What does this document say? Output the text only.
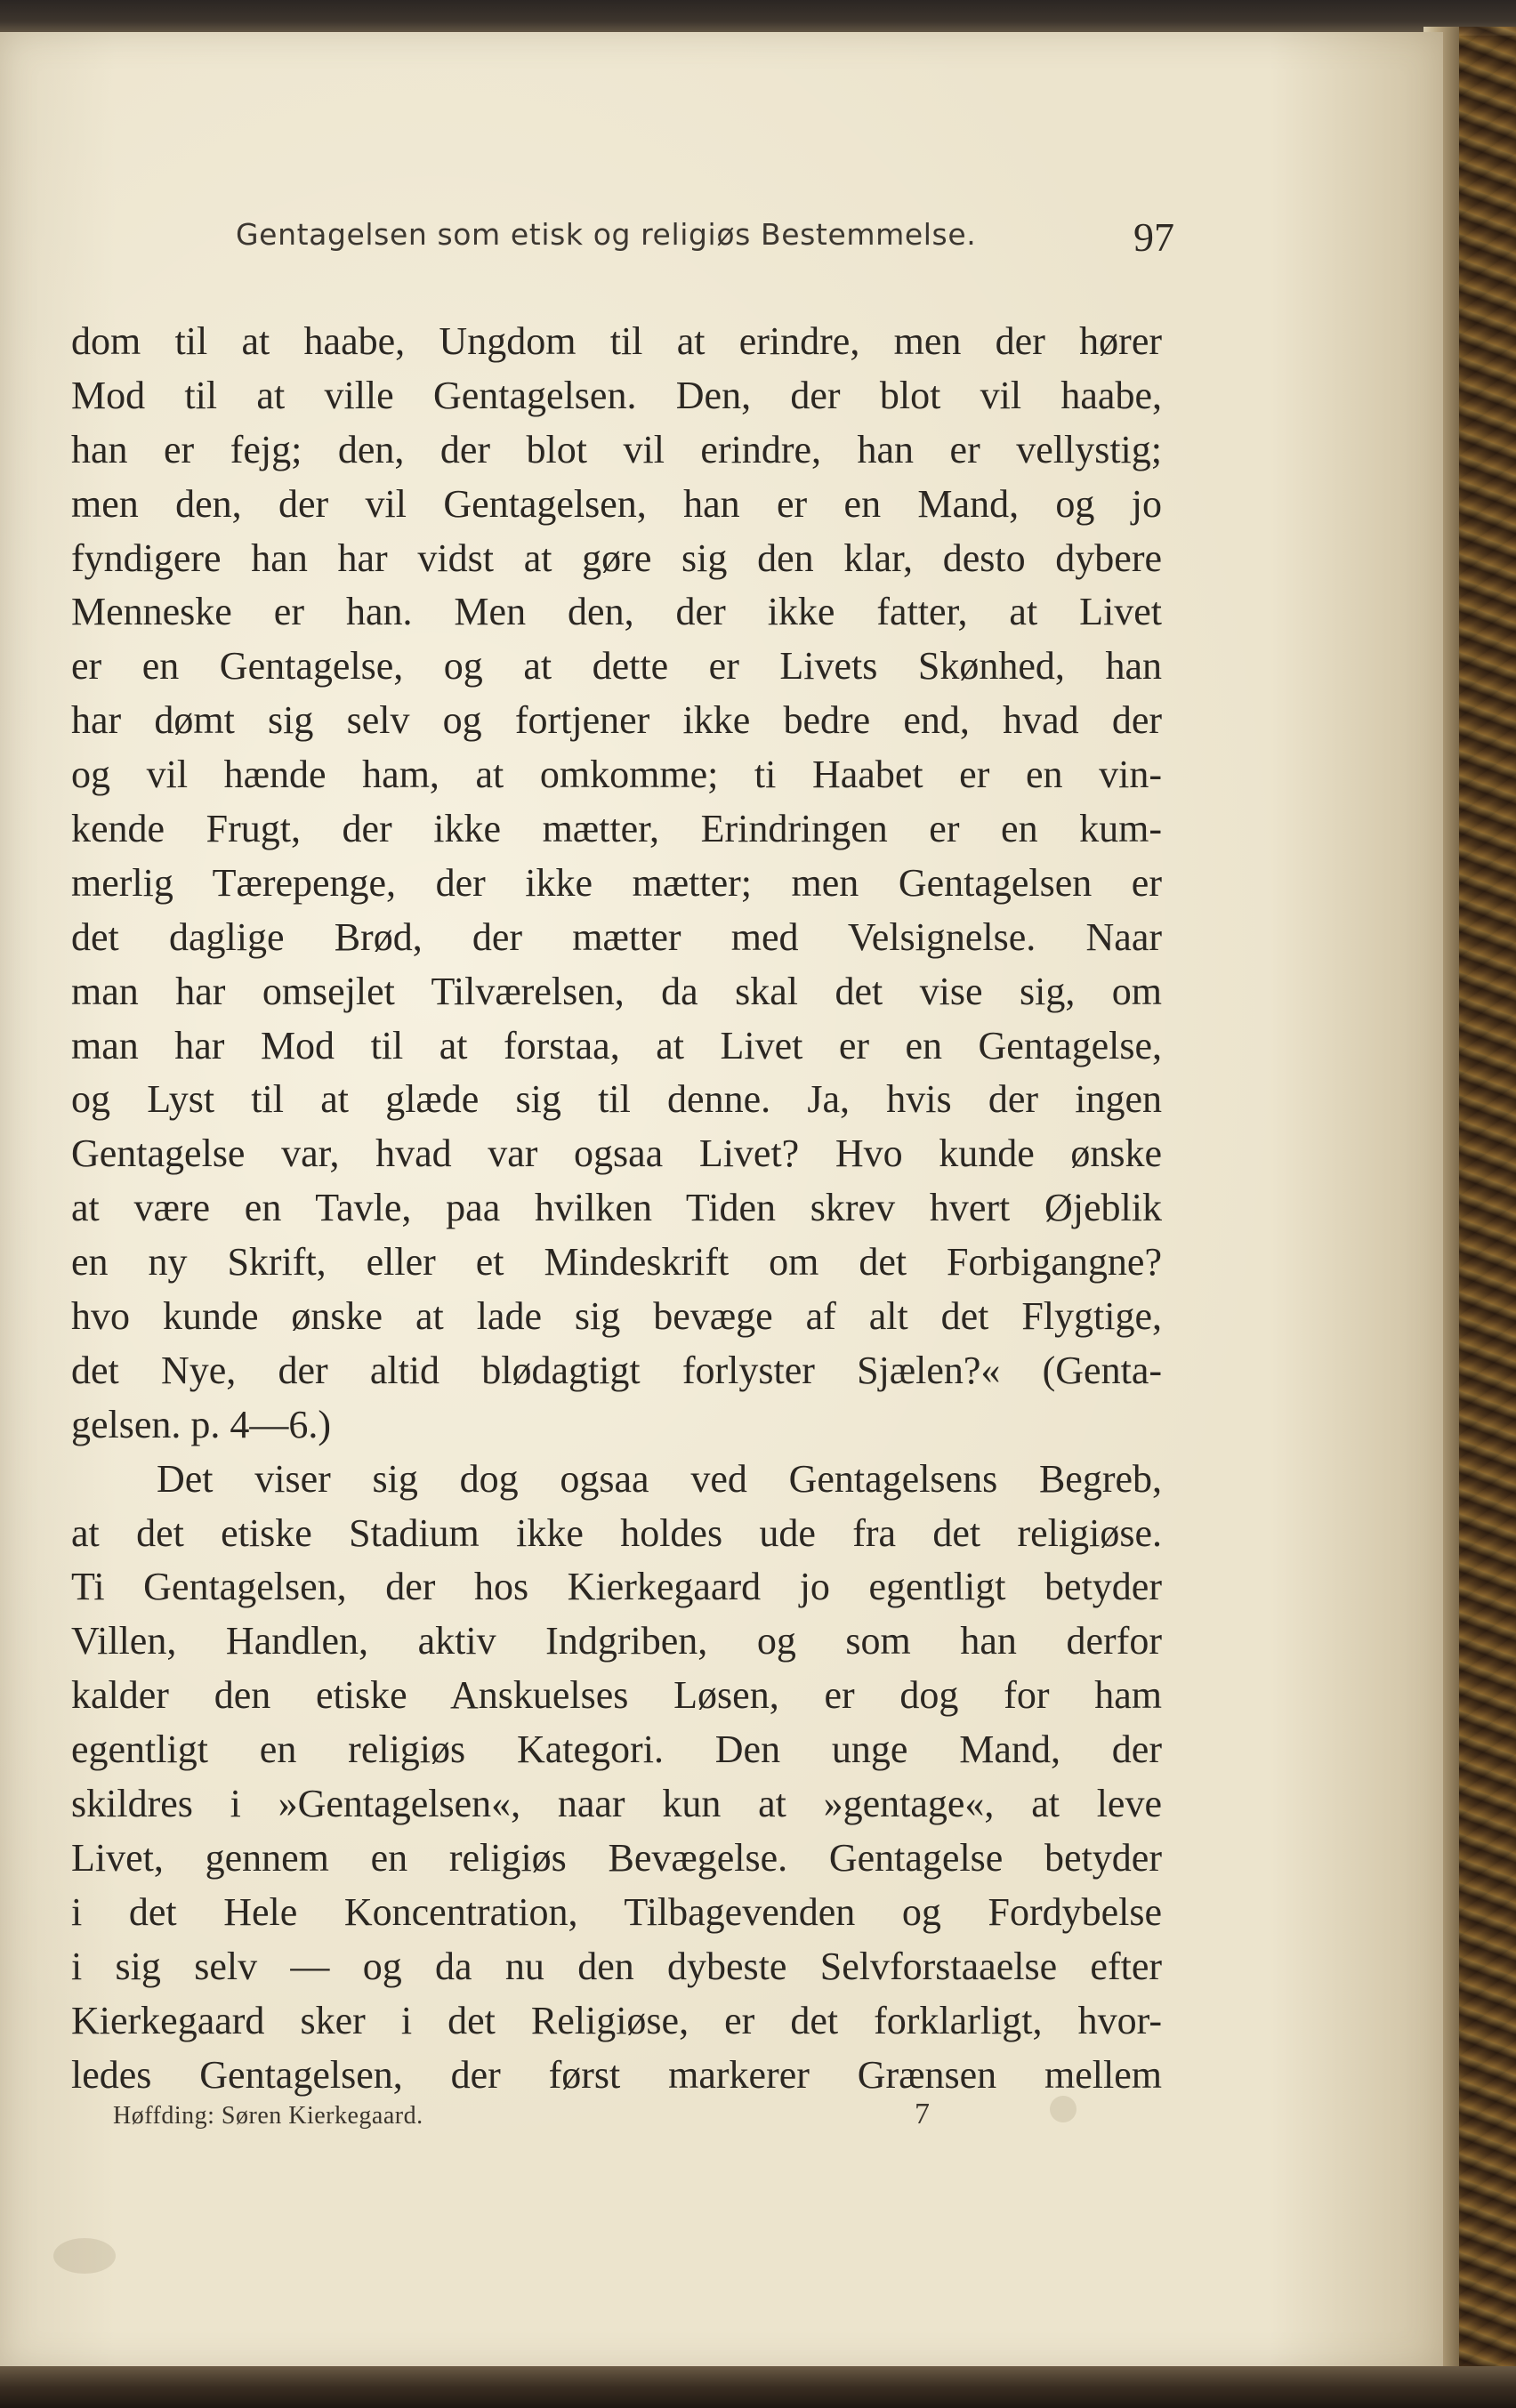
Gentagelsen som etisk og religiøs Bestemmelse.	97
dom til at haabe, Ungdom til at erindre, men der hører
Mod til at ville Gentagelsen. Den, der blot vil haabe,
han er fejg; den, der blot vil erindre, han er vellystig;
men den, der vil Gentagelsen, han er en Mand, og jo
fyndigere han har vidst at gøre sig den klar, desto dybere
Menneske er han. Men den, der ikke fatter, at Livet
er en Gentagelse, og at dette er Livets Skønhed, han
har dømt sig selv og fortjener ikke bedre end, hvad der
og vil hænde ham, at omkomme; ti Haabet er en vin-
kende Frugt, der ikke mætter, Erindringen er en kum-
merlig Tærepenge, der ikke mætter; men Gentagelsen er
det daglige Brød, der mætter med Velsignelse. Naar
man har omsejlet Tilværelsen, da skal det vise sig, om
man har Mod til at forstaa, at Livet er en Gentagelse,
og Lyst til at glæde sig til denne. Ja, hvis der ingen
Gentagelse var, hvad var ogsaa Livet? Hvo kunde ønske
at være en Tavle, paa hvilken Tiden skrev hvert Øjeblik
en ny Skrift, eller et Mindeskrift om det Forbigangne?
hvo kunde ønske at lade sig bevæge af alt det Flygtige,
det Nye, der altid blødagtigt forlyster Sjælen?« (Genta-
gelsen. p. 4—6.)
Det viser sig dog ogsaa ved Gentagelsens Begreb,
at det etiske Stadium ikke holdes ude fra det religiøse.
Ti Gentagelsen, der hos Kierkegaard jo egentligt betyder
Villen, Handlen, aktiv Indgriben, og som han derfor
kalder den etiske Anskuelses Løsen, er dog for ham
egentligt en religiøs Kategori. Den unge Mand, der
skildres i »Gentagelsen«, naar kun at »gentage«, at leve
Livet, gennem en religiøs Bevægelse. Gentagelse betyder
i det Hele Koncentration, Tilbagevenden og Fordybelse
i sig selv — og da nu den dybeste Selvforstaaelse efter
Kierkegaard sker i det Religiøse, er det forklarligt, hvor-
ledes Gentagelsen, der først markerer Grænsen mellem
Høffding: Søren Kierkegaard.	7
